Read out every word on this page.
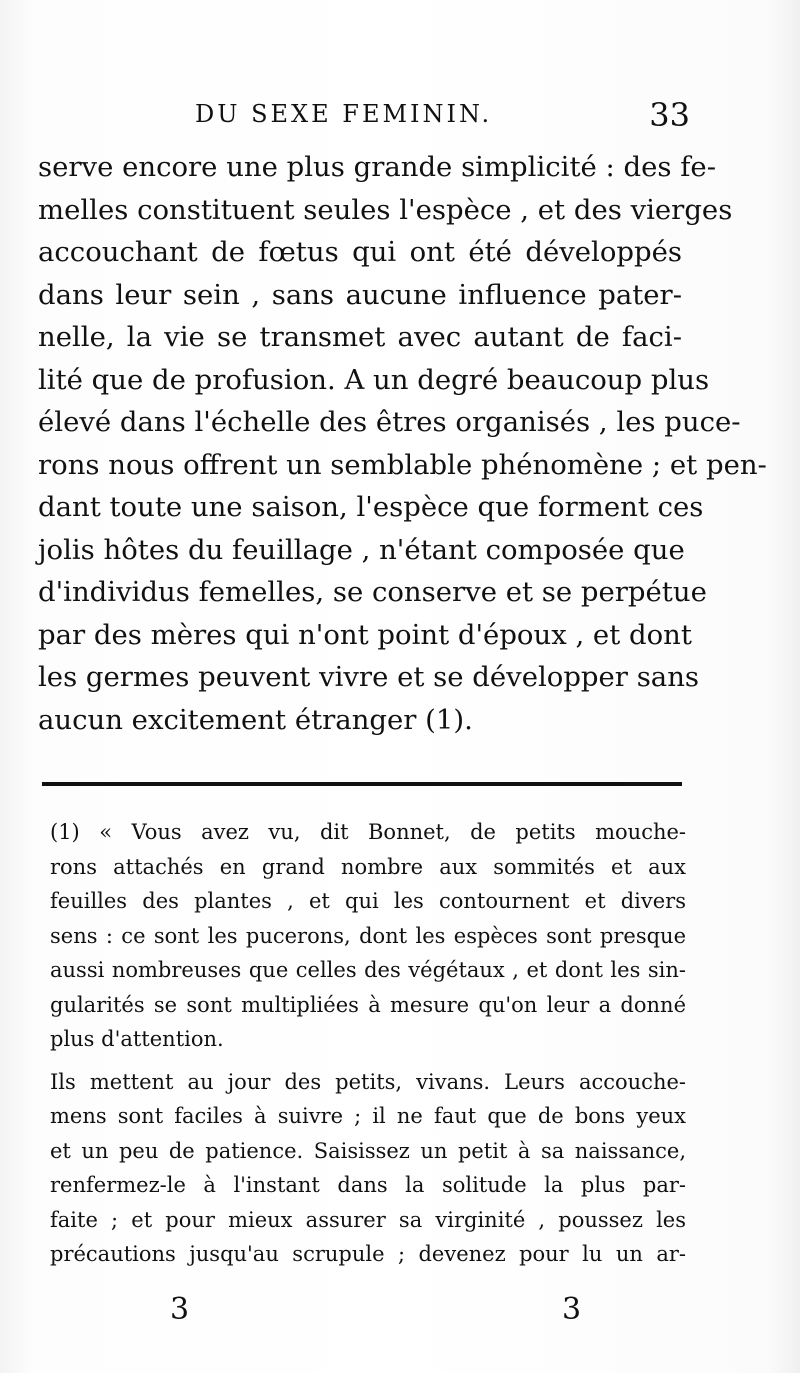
DU SEXE FEMININ.	33
serve encore une plus grande simplicité : des fe-
melles constituent seules l'espèce , et des vierges
accouchant de fœtus qui ont été développés
dans leur sein , sans aucune influence pater-
nelle, la vie se transmet avec autant de faci-
lité que de profusion. A un degré beaucoup plus
élevé dans l'échelle des êtres organisés , les puce-
rons nous offrent un semblable phénomène ; et pen-
dant toute une saison, l'espèce que forment ces
jolis hôtes du feuillage , n'étant composée que
d'individus femelles, se conserve et se perpétue
par des mères qui n'ont point d'époux , et dont
les germes peuvent vivre et se développer sans
aucun excitement étranger (1).
(1) « Vous avez vu, dit Bonnet, de petits mouche-
rons attachés en grand nombre aux sommités et aux
feuilles des plantes , et qui les contournent et divers
sens : ce sont les pucerons, dont les espèces sont presque
aussi nombreuses que celles des végétaux , et dont les sin-
gularités se sont multipliées à mesure qu'on leur a donné
plus d'attention.
Ils mettent au jour des petits, vivans. Leurs accouche-
mens sont faciles à suivre ; il ne faut que de bons yeux
et un peu de patience. Saisissez un petit à sa naissance,
renfermez-le à l'instant dans la solitude la plus par-
faite ; et pour mieux assurer sa virginité , poussez les
précautions jusqu'au scrupule ; devenez pour lu un ar-
3	3
